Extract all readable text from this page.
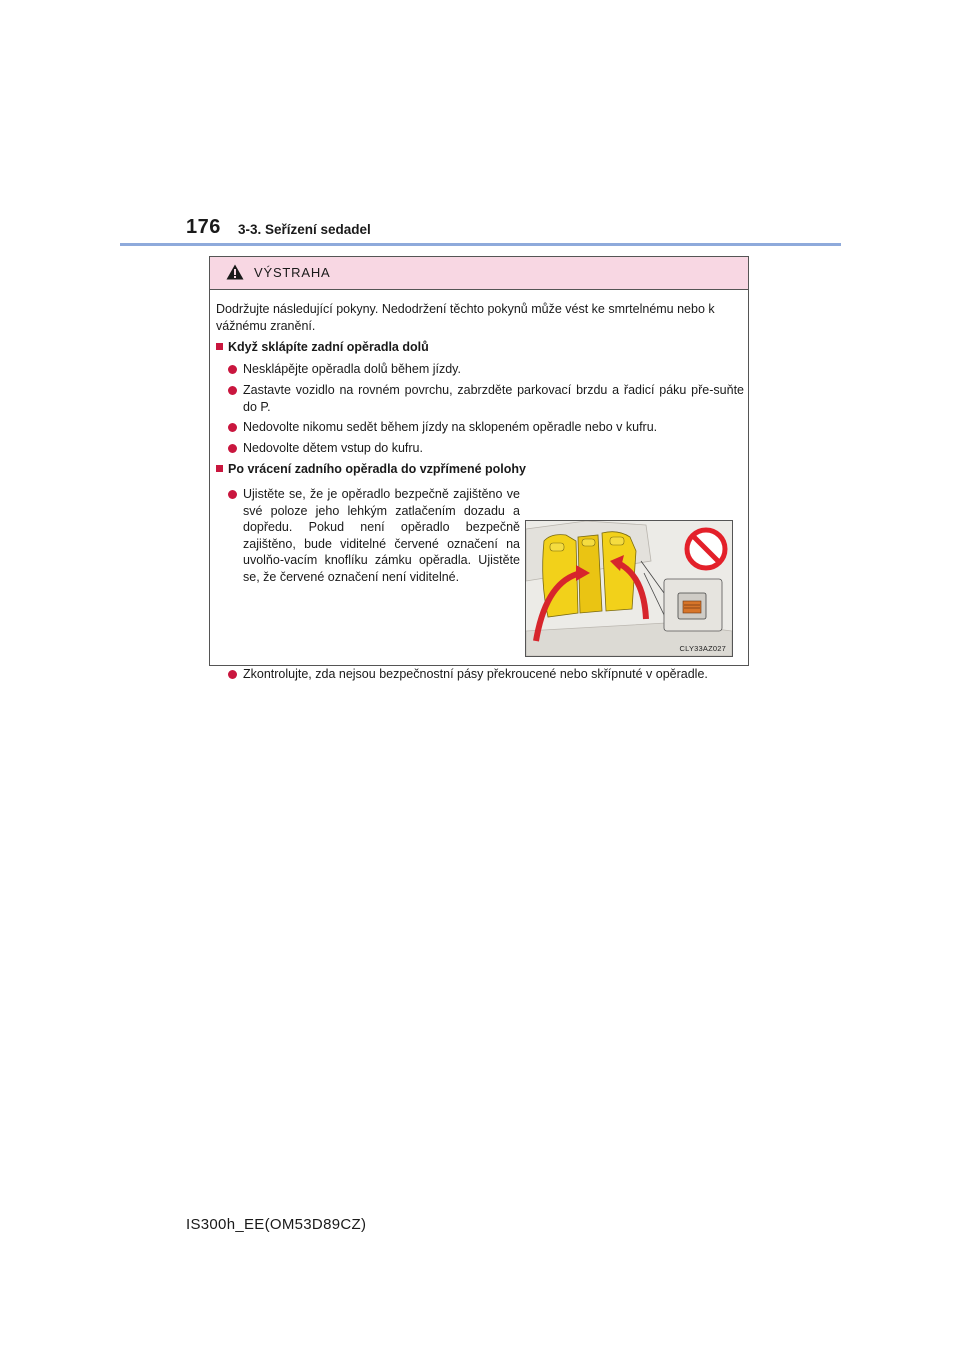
176 3-3. Seřízení sedadel
VÝSTRAHA
Dodržujte následující pokyny. Nedodržení těchto pokynů může vést ke smrtelnému nebo k vážnému zranění.
Když sklápíte zadní opěradla dolů
Nesklápějte opěradla dolů během jízdy.
Zastavte vozidlo na rovném povrchu, zabrzděte parkovací brzdu a řadicí páku pře-suňte do P.
Nedovolte nikomu sedět během jízdy na sklopeném opěradle nebo v kufru.
Nedovolte dětem vstup do kufru.
Po vrácení zadního opěradla do vzpřímené polohy
Ujistěte se, že je opěradlo bezpečně zajištěno ve své poloze jeho lehkým zatlačením dozadu a dopředu. Pokud není opěradlo bezpečně zajištěno, bude viditelné červené označení na uvolňo-vacím knoflíku zámku opěradla. Ujistěte se, že červené označení není viditelné.
CLY33AZ027
Zkontrolujte, zda nejsou bezpečnostní pásy překroucené nebo skřípnuté v opěradle.
IS300h_EE(OM53D89CZ)
